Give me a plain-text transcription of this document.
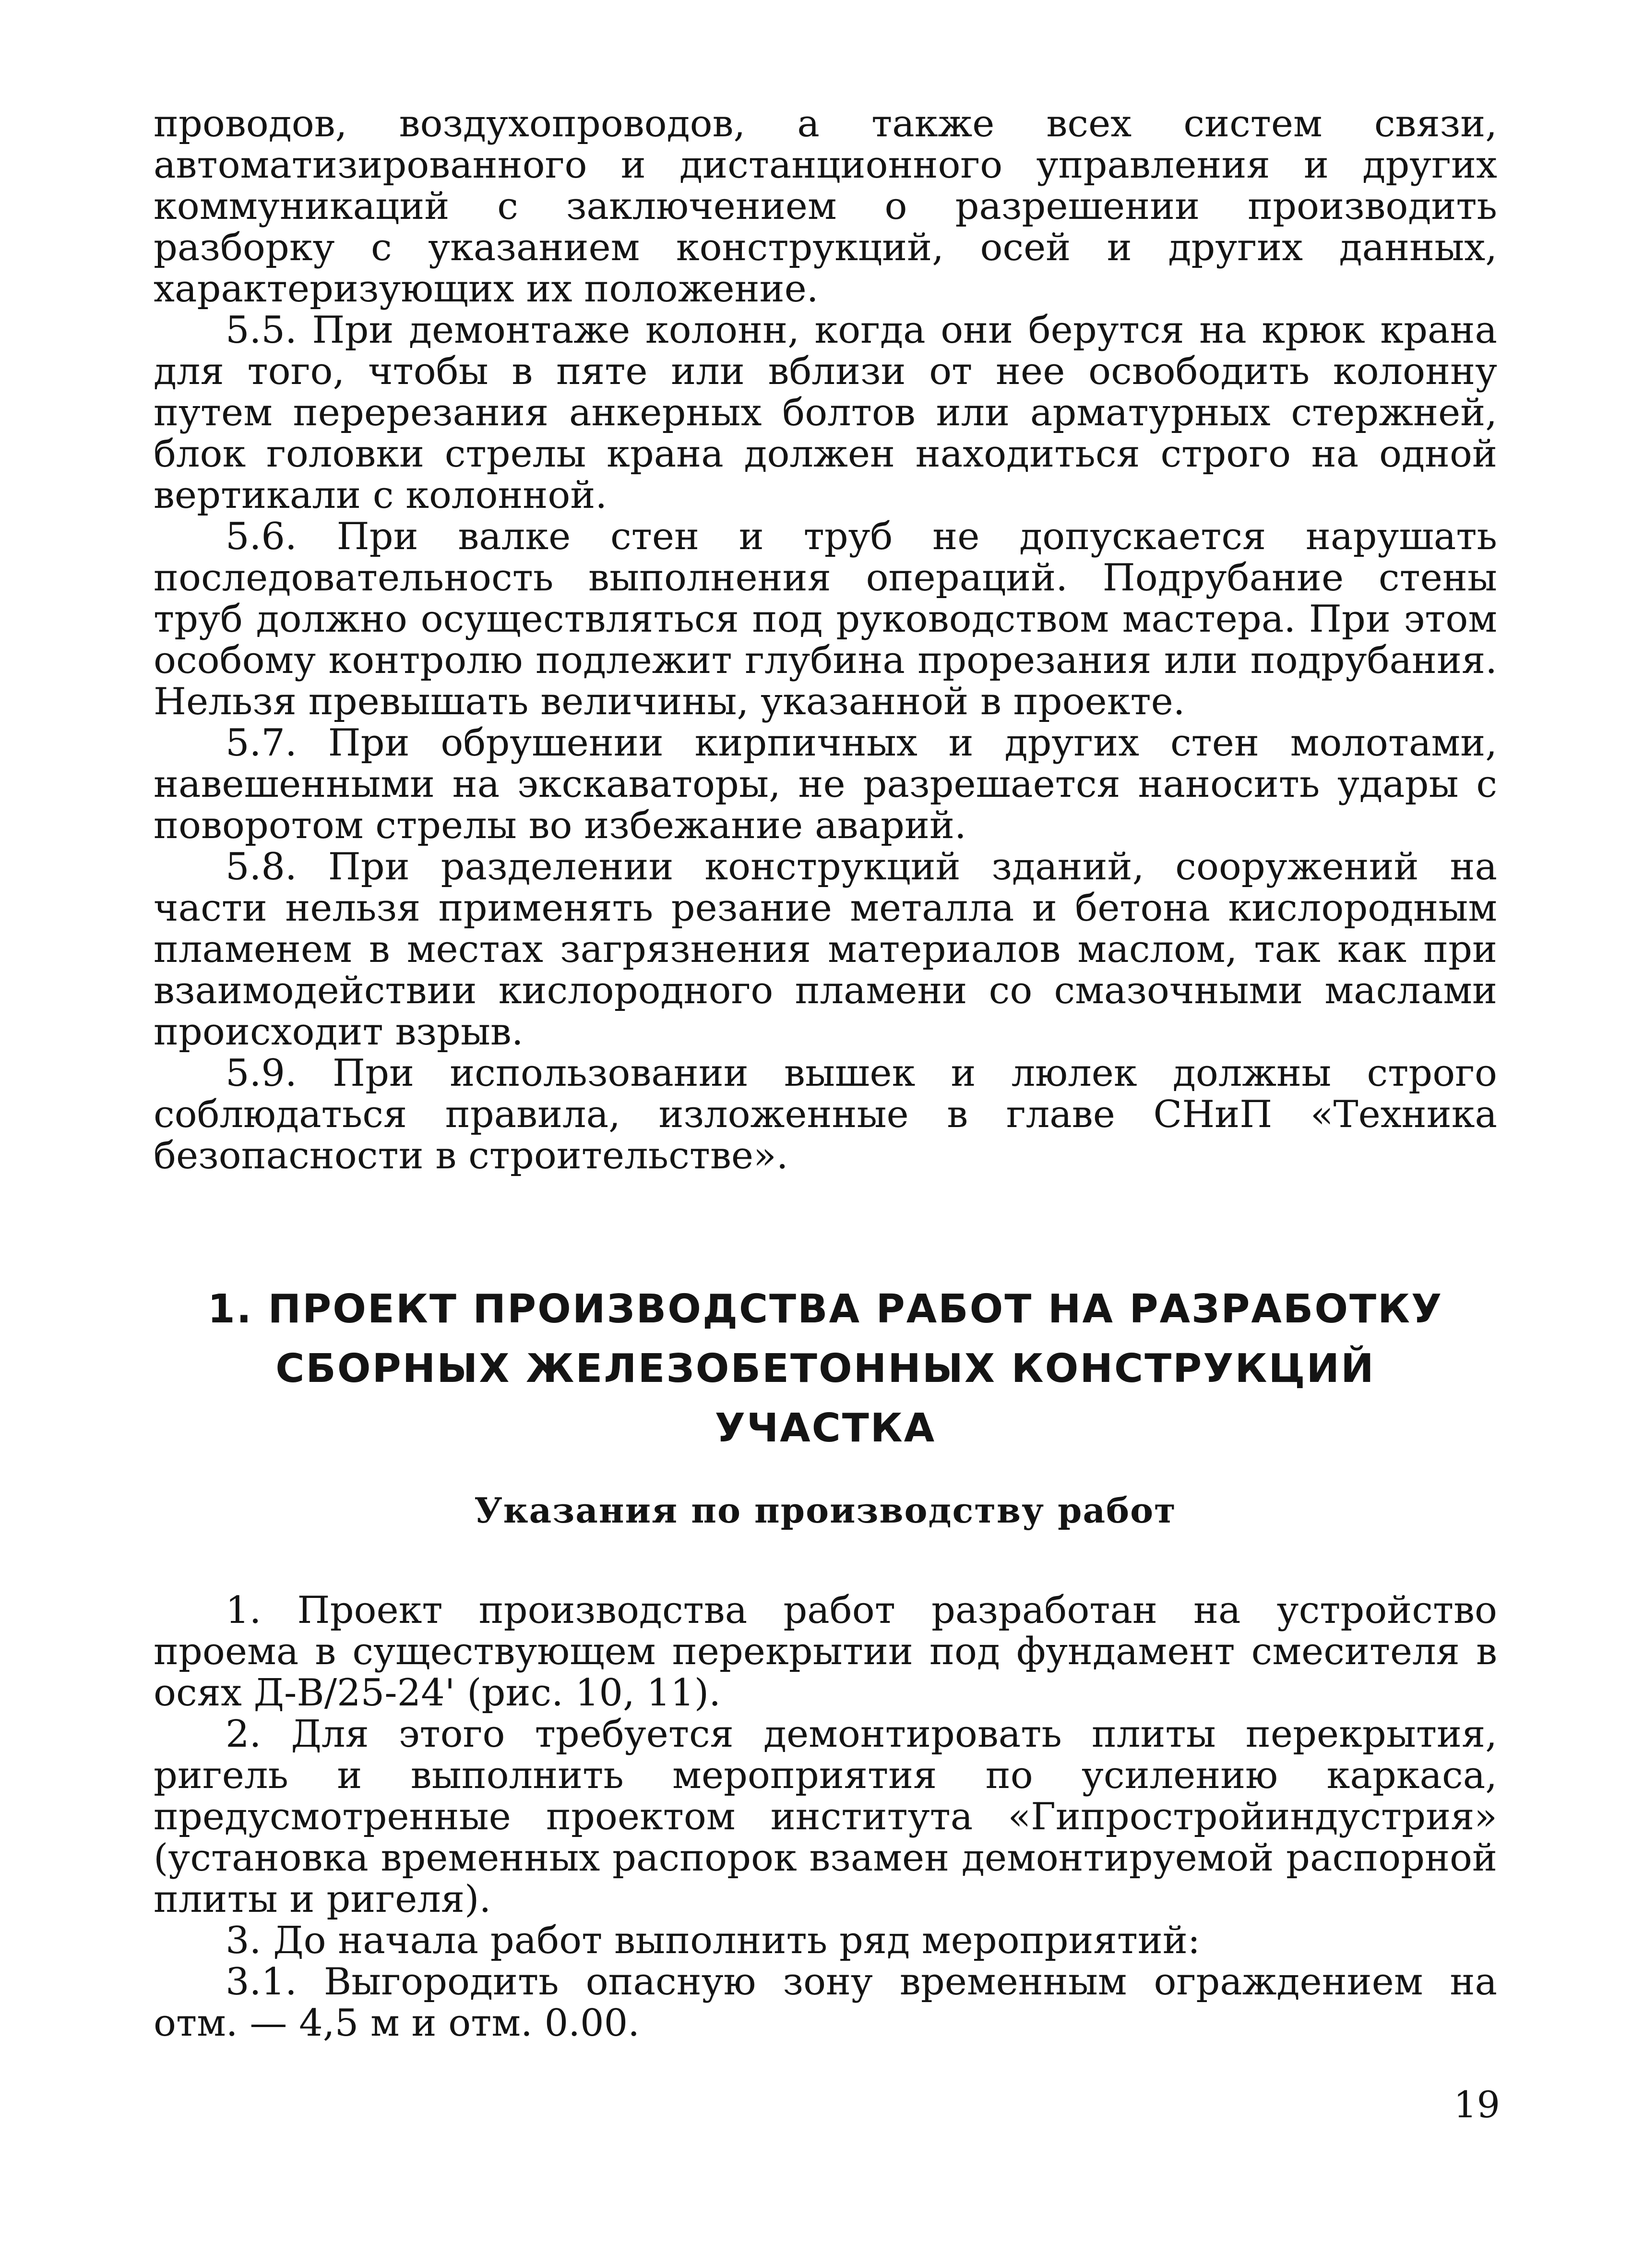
проводов, воздухопроводов, а также всех систем связи, автоматизированного и дистанционного управления и других коммуникаций с заключением о разрешении производить разборку с указанием конструкций, осей и других данных, характеризующих их положение.

5.5. При демонтаже колонн, когда они берутся на крюк крана для того, чтобы в пяте или вблизи от нее освободить колонну путем перерезания анкерных болтов или арматурных стержней, блок головки стрелы крана должен находиться строго на одной вертикали с колонной.

5.6. При валке стен и труб не допускается нарушать последовательность выполнения операций. Подрубание стены труб должно осуществляться под руководством мастера. При этом особому контролю подлежит глубина прорезания или подрубания. Нельзя превышать величины, указанной в проекте.

5.7. При обрушении кирпичных и других стен молотами, навешенными на экскаваторы, не разрешается наносить удары с поворотом стрелы во избежание аварий.

5.8. При разделении конструкций зданий, сооружений на части нельзя применять резание металла и бетона кислородным пламенем в местах загрязнения материалов маслом, так как при взаимодействии кислородного пламени со смазочными маслами происходит взрыв.

5.9. При использовании вышек и люлек должны строго соблюдаться правила, изложенные в главе СНиП «Техника безопасности в строительстве».

1. ПРОЕКТ ПРОИЗВОДСТВА РАБОТ НА РАЗРАБОТКУ

СБОРНЫХ ЖЕЛЕЗОБЕТОННЫХ КОНСТРУКЦИЙ

УЧАСТКА

Указания по производству работ

1. Проект производства работ разработан на устройство проема в существующем перекрытии под фундамент смесителя в осях Д-В/25-24' (рис. 10, 11).

2. Для этого требуется демонтировать плиты перекрытия, ригель и выполнить мероприятия по усилению каркаса, предусмотренные проектом института «Гипростройиндустрия» (установка временных распорок взамен демонтируемой распорной плиты и ригеля).

3. До начала работ выполнить ряд мероприятий:

3.1. Выгородить опасную зону временным ограждением на отм. — 4,5 м и отм. 0.00.

19
